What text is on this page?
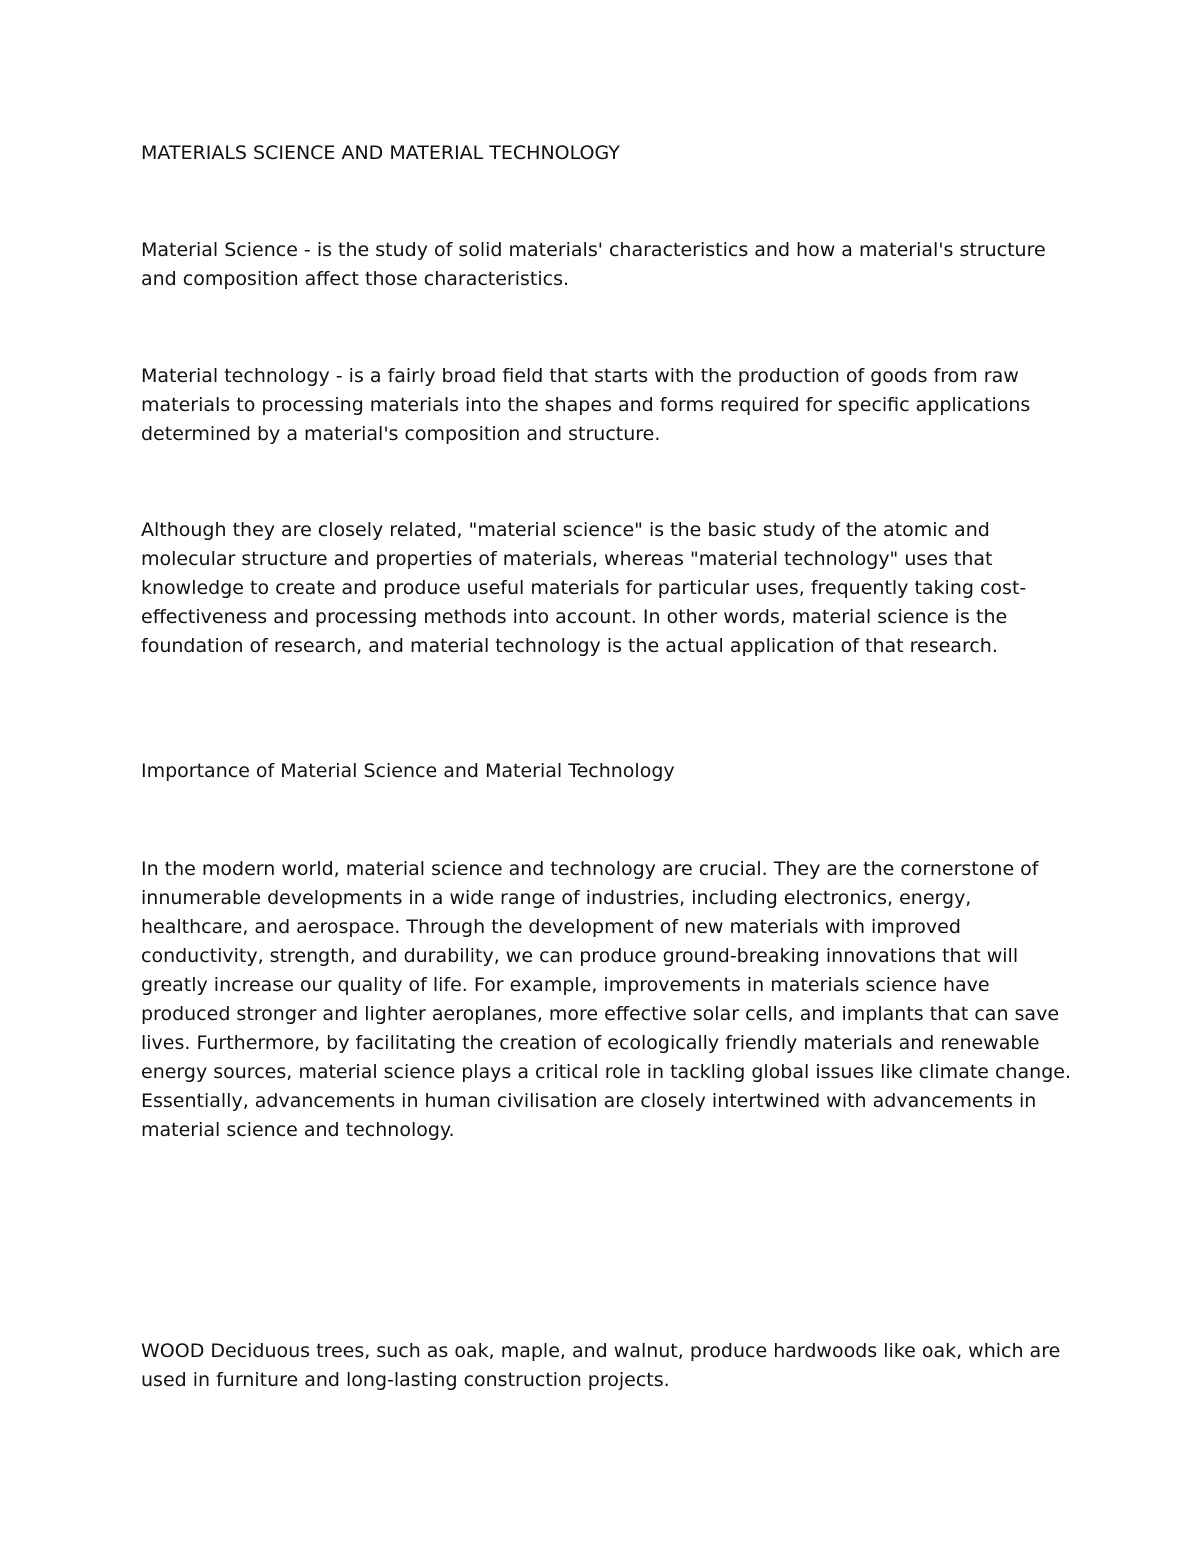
MATERIALS SCIENCE AND MATERIAL TECHNOLOGY

Material Science - is the study of solid materials' characteristics and how a material's structure and composition affect those characteristics.

Material technology - is a fairly broad field that starts with the production of goods from raw materials to processing materials into the shapes and forms required for specific applications determined by a material's composition and structure.

Although they are closely related, "material science" is the basic study of the atomic and molecular structure and properties of materials, whereas "material technology" uses that knowledge to create and produce useful materials for particular uses, frequently taking cost-effectiveness and processing methods into account. In other words, material science is the foundation of research, and material technology is the actual application of that research.

Importance of Material Science and Material Technology

In the modern world, material science and technology are crucial. They are the cornerstone of innumerable developments in a wide range of industries, including electronics, energy, healthcare, and aerospace. Through the development of new materials with improved conductivity, strength, and durability, we can produce ground-breaking innovations that will greatly increase our quality of life. For example, improvements in materials science have produced stronger and lighter aeroplanes, more effective solar cells, and implants that can save lives. Furthermore, by facilitating the creation of ecologically friendly materials and renewable energy sources, material science plays a critical role in tackling global issues like climate change. Essentially, advancements in human civilisation are closely intertwined with advancements in material science and technology.

WOOD Deciduous trees, such as oak, maple, and walnut, produce hardwoods like oak, which are used in furniture and long-lasting construction projects.
